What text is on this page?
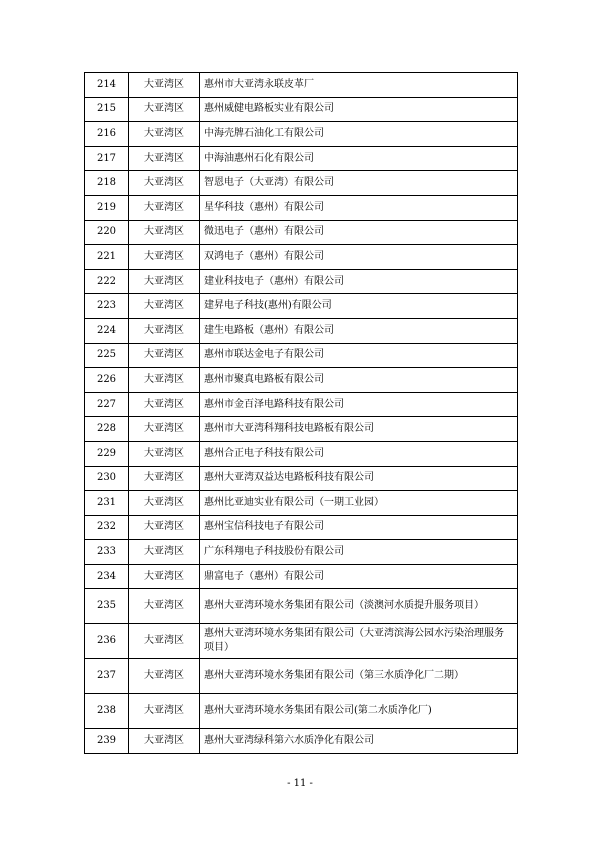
214	大亚湾区	惠州市大亚湾永联皮革厂
215	大亚湾区	惠州威健电路板实业有限公司
216	大亚湾区	中海壳牌石油化工有限公司
217	大亚湾区	中海油惠州石化有限公司
218	大亚湾区	智恩电子（大亚湾）有限公司
219	大亚湾区	星华科技（惠州）有限公司
220	大亚湾区	微迅电子（惠州）有限公司
221	大亚湾区	双鸿电子（惠州）有限公司
222	大亚湾区	建业科技电子（惠州）有限公司
223	大亚湾区	建昇电子科技(惠州)有限公司
224	大亚湾区	建生电路板（惠州）有限公司
225	大亚湾区	惠州市联达金电子有限公司
226	大亚湾区	惠州市聚真电路板有限公司
227	大亚湾区	惠州市金百泽电路科技有限公司
228	大亚湾区	惠州市大亚湾科翔科技电路板有限公司
229	大亚湾区	惠州合正电子科技有限公司
230	大亚湾区	惠州大亚湾双益达电路板科技有限公司
231	大亚湾区	惠州比亚迪实业有限公司（一期工业园）
232	大亚湾区	惠州宝信科技电子有限公司
233	大亚湾区	广东科翔电子科技股份有限公司
234	大亚湾区	鼎富电子（惠州）有限公司
235	大亚湾区	惠州大亚湾环境水务集团有限公司（淡澳河水质提升服务项目）
236	大亚湾区	惠州大亚湾环境水务集团有限公司（大亚湾滨海公园水污染治理服务项目）
237	大亚湾区	惠州大亚湾环境水务集团有限公司（第三水质净化厂二期）
238	大亚湾区	惠州大亚湾环境水务集团有限公司(第二水质净化厂)
239	大亚湾区	惠州大亚湾绿科第六水质净化有限公司
- 11 -
